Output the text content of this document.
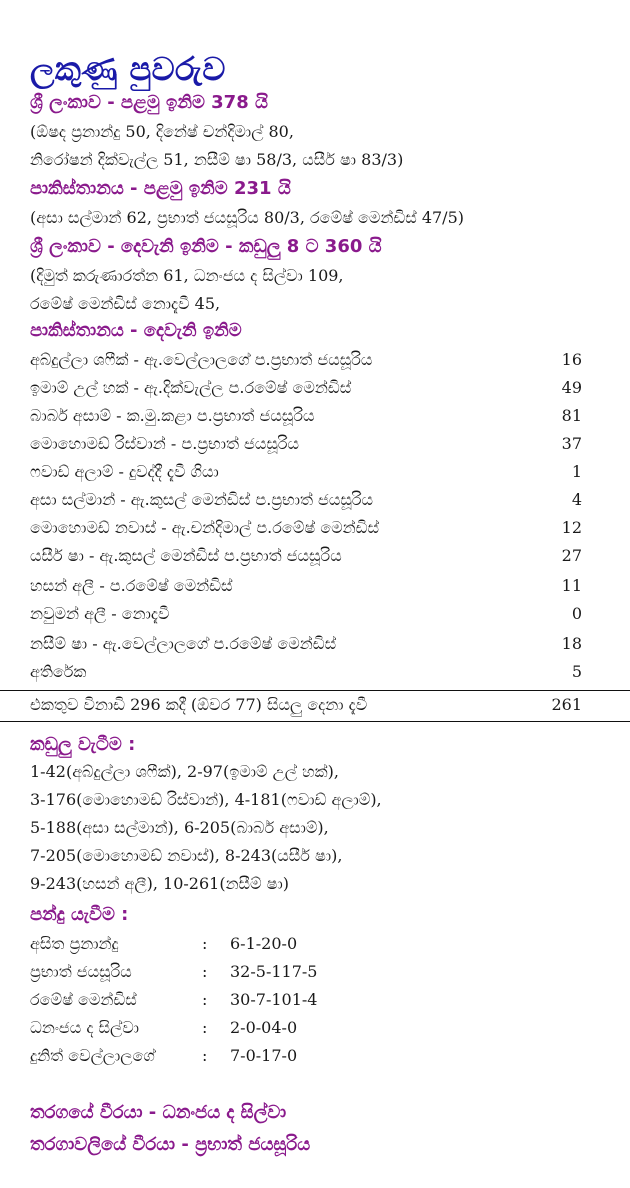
ලකුණු පුවරුව
ශ්‍රී ලංකාව - පළමු ඉනිම 378 යි
(ඕෂද ප්‍රනාන්දු 50, දිනේෂ් චන්දිමාල් 80,
නිරෝෂන් දික්වැල්ල 51, නසීම් ෂා 58/3, යසීර් ෂා 83/3)
පාකිස්තානය - පළමු ඉනිම 231 යි
(අසා සල්මාන් 62, ප්‍රභාත් ජයසූරිය 80/3, රමේෂ් මෙන්ඩිස් 47/5)
ශ්‍රී ලංකාව - දෙවැනි ඉනිම - කඩුලු 8 ට 360 යි
(දිමුත් කරුණාරත්න 61, ධනංජය ද සිල්වා 109,
රමේෂ් මෙන්ඩිස් නොදැවී 45,
පාකිස්තානය - දෙවැනි ඉනිම
අබ්දුල්ලා ශෆීක් - ඇ.වෙල්ලාලගේ ප.ප්‍රභාත් ජයසූරිය	16
ඉමාම් උල් හක් - ඇ.දික්වැල්ල ප.රමේෂ් මෙන්ඩිස්	49
බාබර් අසාම් - ක.මු.කළා ප.ප්‍රභාත් ජයසූරිය	81
මොහොමඩ් රිස්වාන් - ප.ප්‍රභාත් ජයසූරිය	37
ෆවාඩ් අලාම් - දුවද්දී දැවී ගියා	1
අසා සල්මාන් - ඇ.කුසල් මෙන්ඩිස් ප.ප්‍රභාත් ජයසූරිය	4
මොහොමඩ් නවාස් - ඇ.චන්දිමාල් ප.රමේෂ් මෙන්ඩිස්	12
යසීර් ෂා - ඇ.කුසල් මෙන්ඩිස් ප.ප්‍රභාත් ජයසූරිය	27
හසන් අලී - ප.රමේෂ් මෙන්ඩිස්	11
නවුමන් අලී - නොදැවී	0
නසීම් ෂා - ඇ.වෙල්ලාලගේ ප.රමේෂ් මෙන්ඩිස්	18
අතිරේක	5
එකතුව විනාඩි 296 කදී (ඕවර 77) සියලු දෙනා දැවී	261
කඩුලු වැටීම :
1-42(අබ්දුල්ලා ශෆීක්), 2-97(ඉමාම් උල් හක්),
3-176(මොහොමඩ් රිස්වාන්), 4-181(ෆවාඩ් අලාම්),
5-188(අසා සල්මාන්), 6-205(බාබර් අසාම්),
7-205(මොහොමඩ් නවාස්), 8-243(යසීර් ෂා),
9-243(හසන් අලී), 10-261(නසීම් ෂා)
පන්දු යැවීම :
අසිත ප්‍රනාන්දු	: 6-1-20-0
ප්‍රභාත් ජයසූරිය	: 32-5-117-5
රමේෂ් මෙන්ඩිස්	: 30-7-101-4
ධනංජය ද සිල්වා	: 2-0-04-0
දුනිත් වෙල්ලාලගේ	: 7-0-17-0
තරගයේ වීරයා - ධනංජය ද සිල්වා
තරගාවලියේ වීරයා - ප්‍රභාත් ජයසූරිය
